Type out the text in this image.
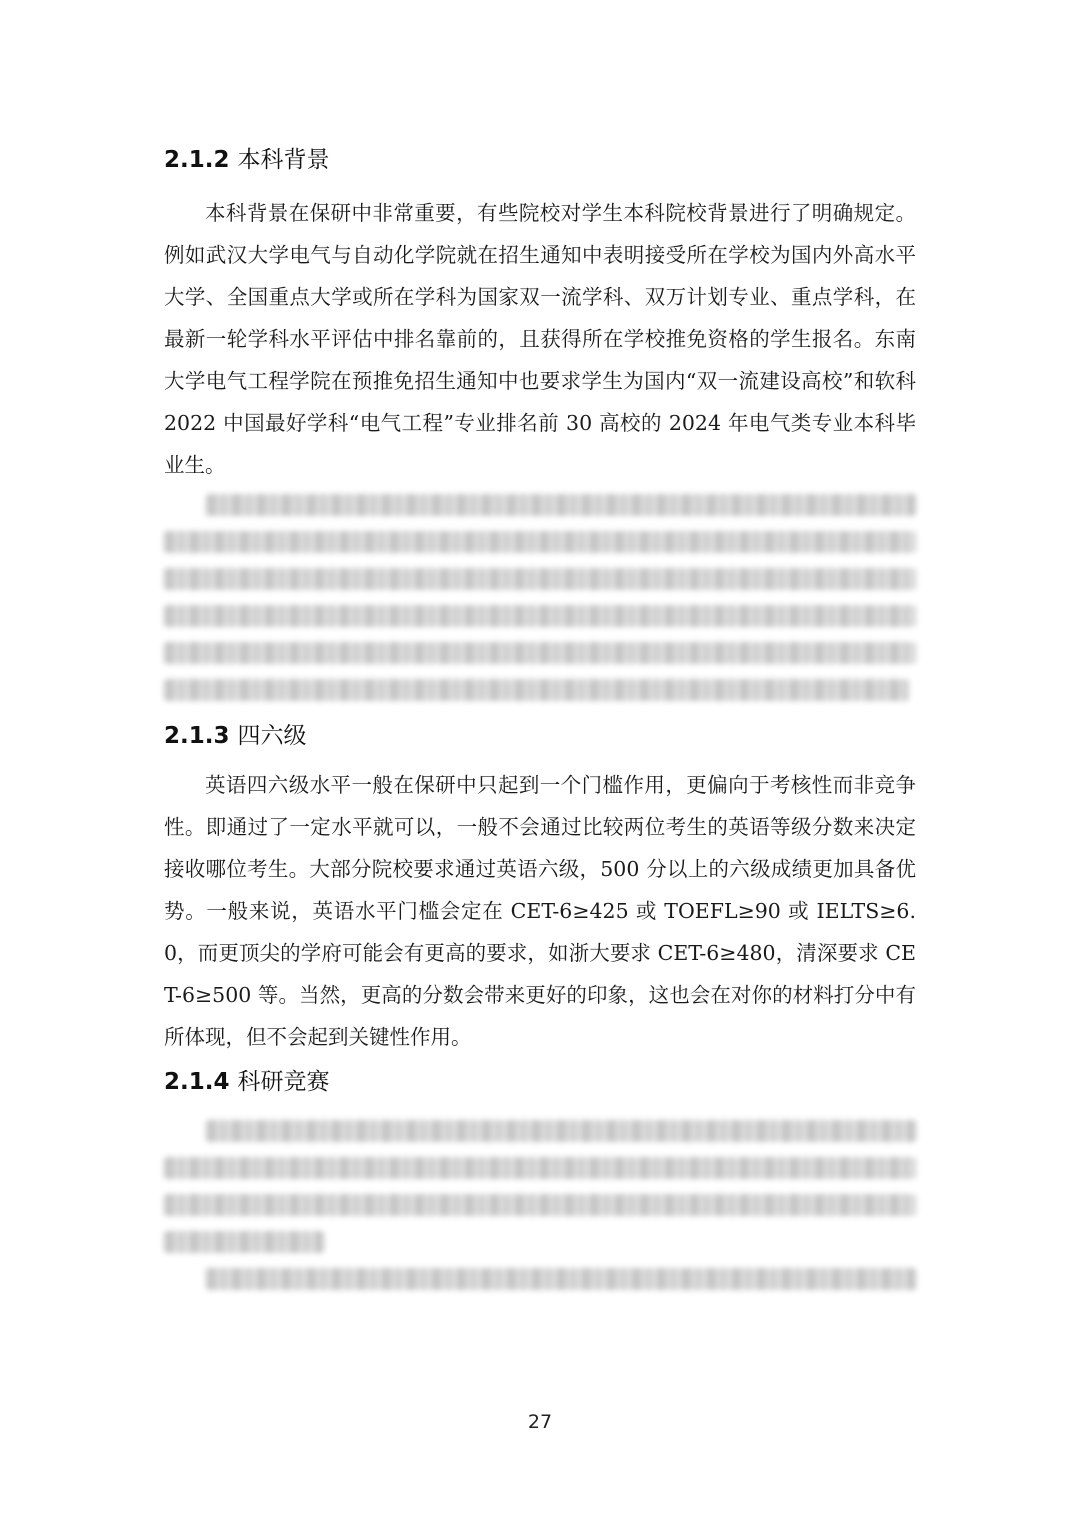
2.1.2 本科背景

本科背景在保研中非常重要，有些院校对学生本科院校背景进行了明确规定。例如武汉大学电气与自动化学院就在招生通知中表明接受所在学校为国内外高水平大学、全国重点大学或所在学科为国家双一流学科、双万计划专业、重点学科，在最新一轮学科水平评估中排名靠前的，且获得所在学校推免资格的学生报名。东南大学电气工程学院在预推免招生通知中也要求学生为国内“双一流建设高校”和软科 2022 中国最好学科“电气工程”专业排名前 30 高校的 2024 年电气类专业本科毕业生。

2.1.3 四六级

英语四六级水平一般在保研中只起到一个门槛作用，更偏向于考核性而非竞争性。即通过了一定水平就可以，一般不会通过比较两位考生的英语等级分数来决定接收哪位考生。大部分院校要求通过英语六级，500 分以上的六级成绩更加具备优势。一般来说，英语水平门槛会定在 CET-6≥425 或 TOEFL≥90 或 IELTS≥6.0，而更顶尖的学府可能会有更高的要求，如浙大要求 CET-6≥480，清深要求 CET-6≥500 等。当然，更高的分数会带来更好的印象，这也会在对你的材料打分中有所体现，但不会起到关键性作用。

2.1.4 科研竞赛
27
